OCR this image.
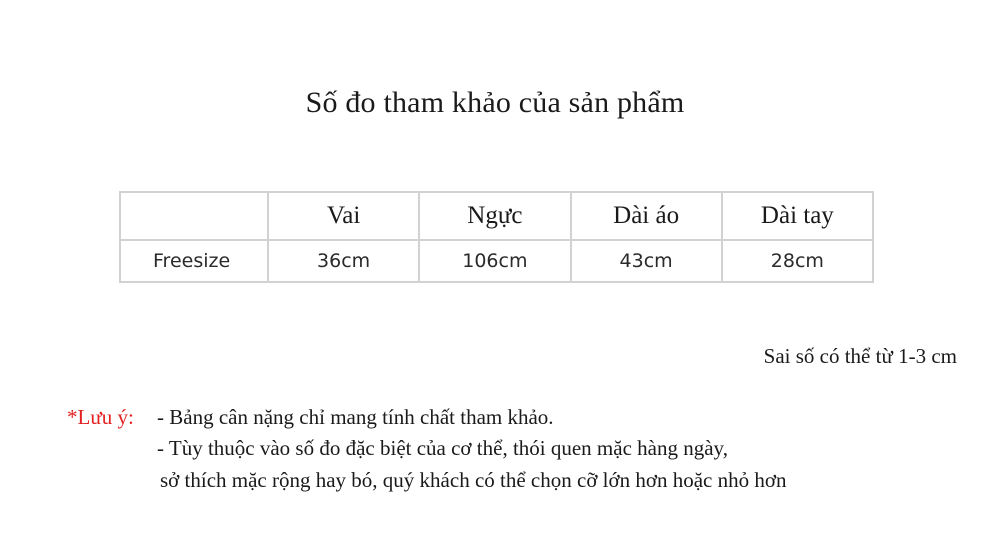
Số đo tham khảo của sản phẩm
	Vai	Ngực	Dài áo	Dài tay
Freesize	36cm	106cm	43cm	28cm
Sai số có thể từ 1-3 cm
*Lưu ý: - Bảng cân nặng chỉ mang tính chất tham khảo.
- Tùy thuộc vào số đo đặc biệt của cơ thể, thói quen mặc hàng ngày,
sở thích mặc rộng hay bó, quý khách có thể chọn cỡ lớn hơn hoặc nhỏ hơn
